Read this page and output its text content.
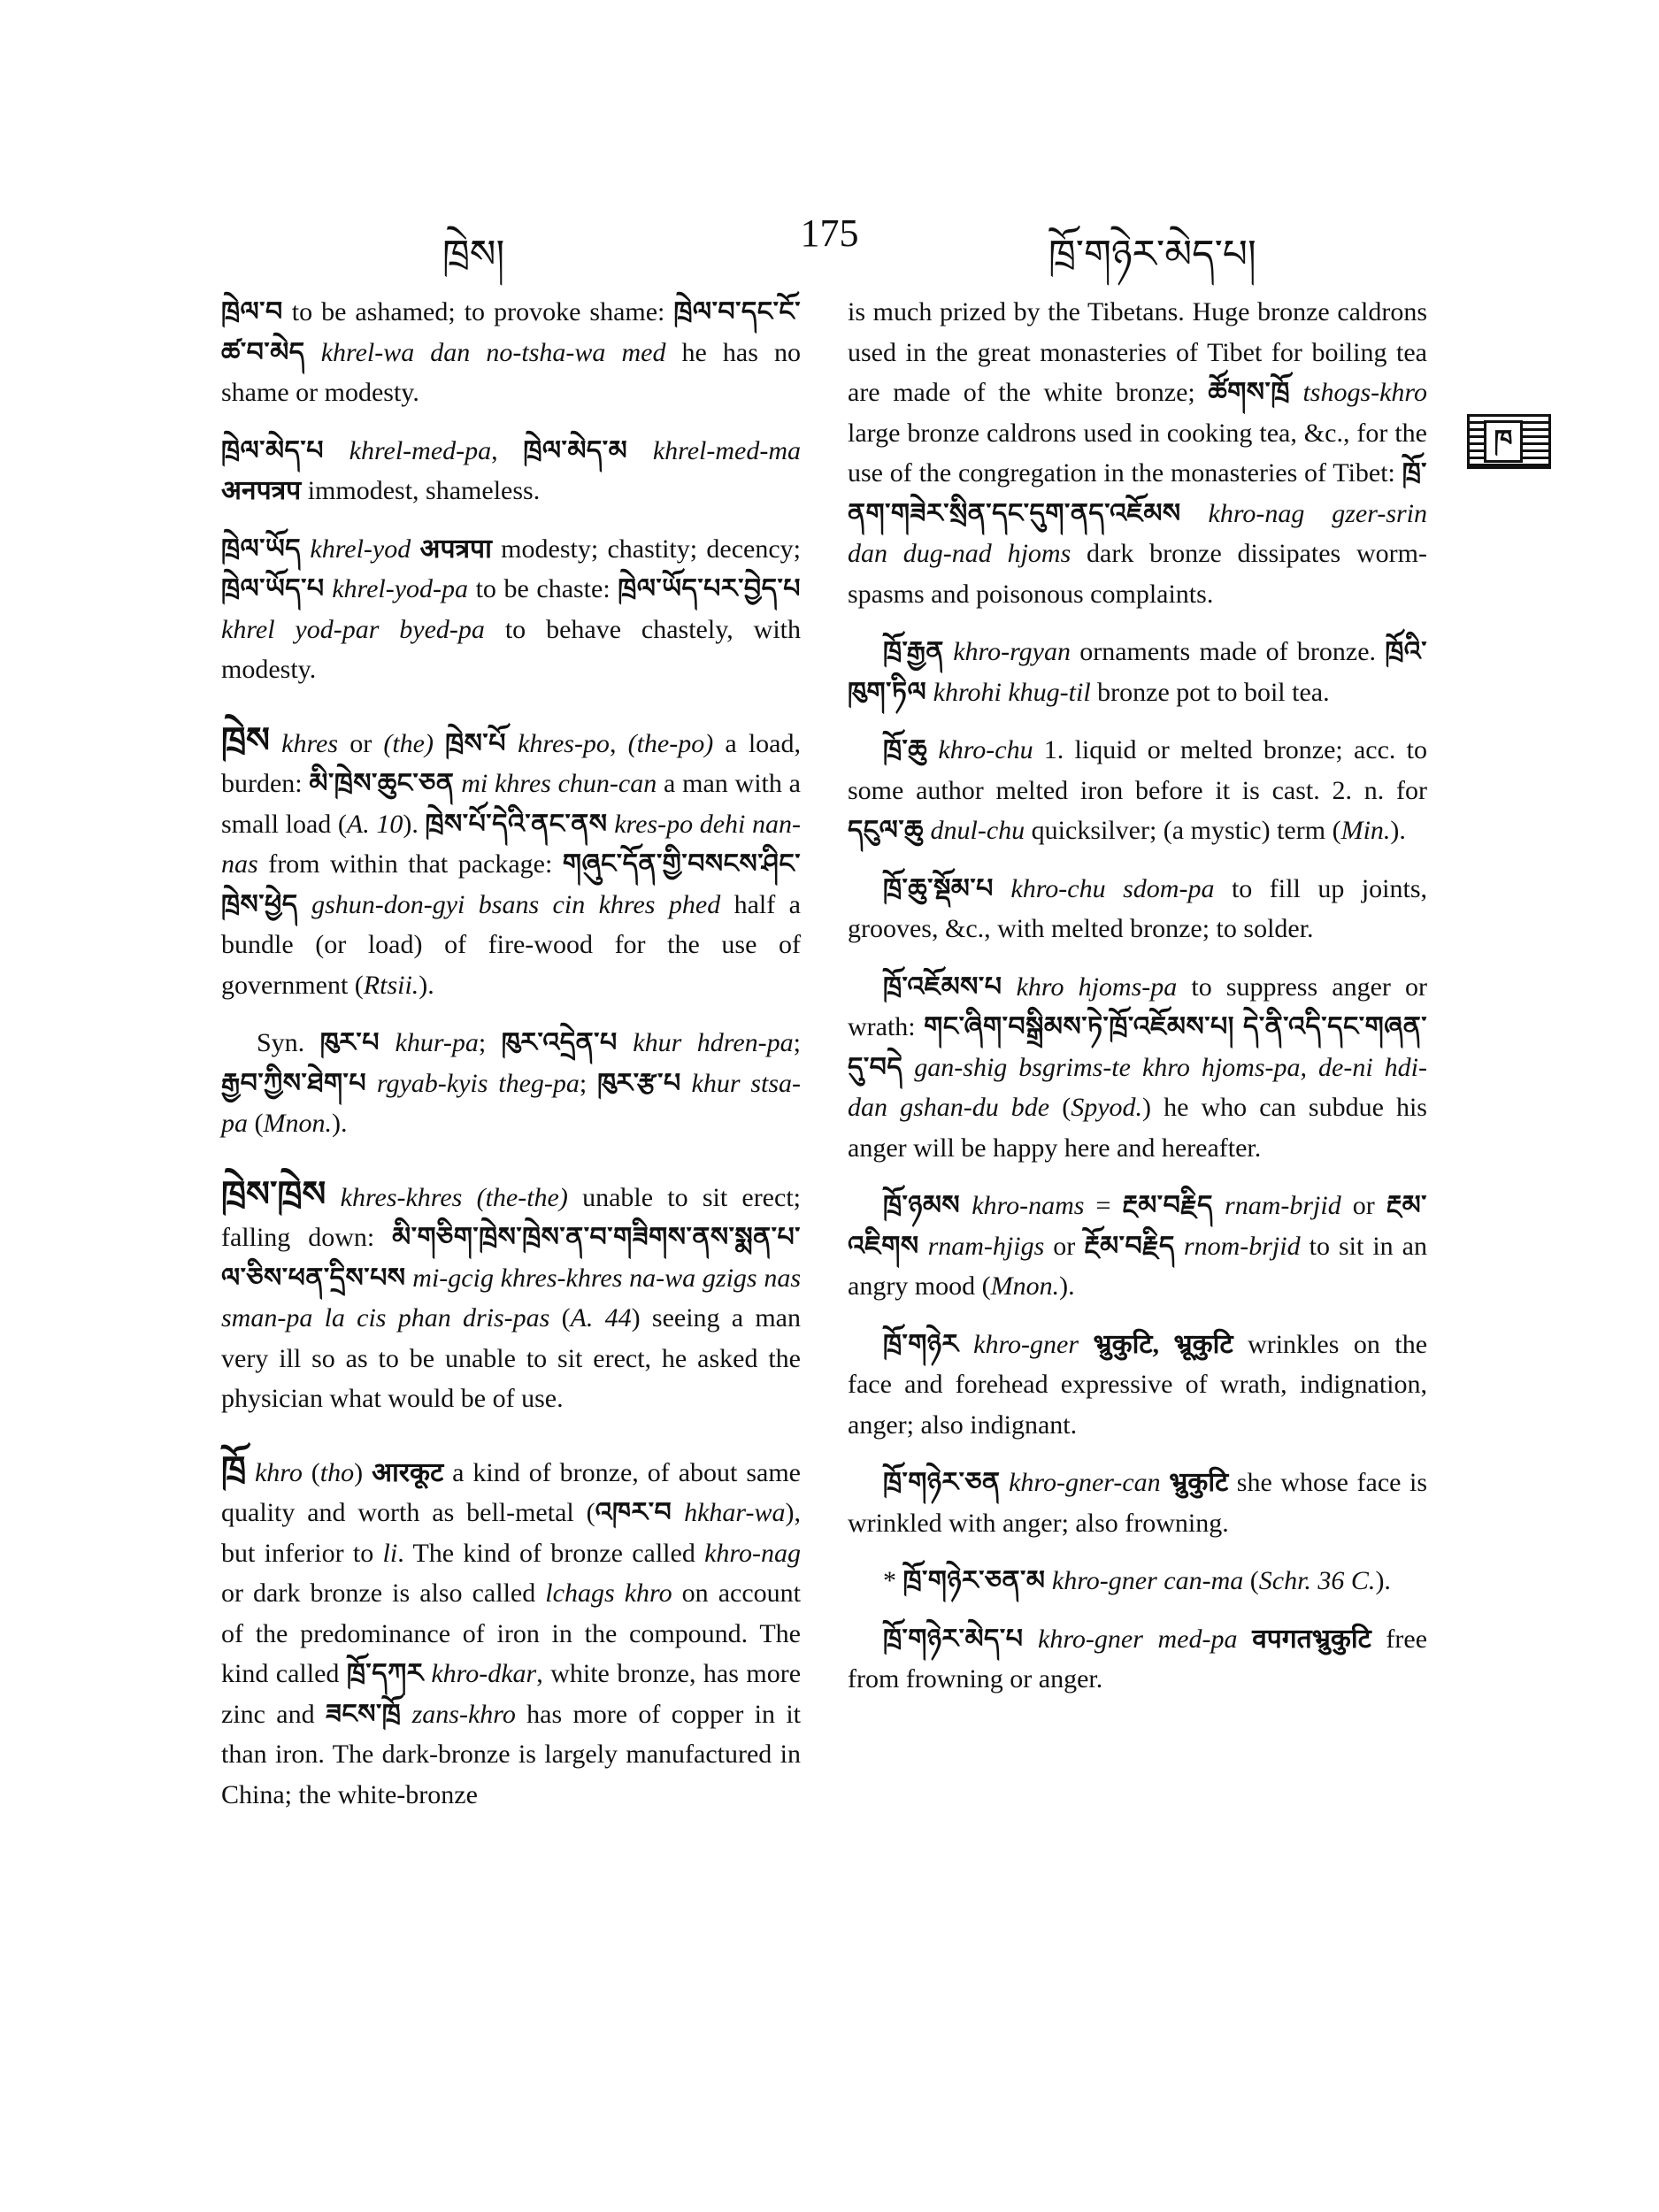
ཁྲེས།	175	ཁྲོ་གཉེར་མེད་པ།

ཁྲེལ་བ to be ashamed; to provoke shame: ཁྲེལ་བ་དང་ངོ་ཚ་བ་མེད khrel-wa dan no-tsha-wa med he has no shame or modesty.

ཁྲེལ་མེད་པ khrel-med-pa, ཁྲེལ་མེད་མ khrel-med-ma अनपत्रप immodest, shameless.

ཁྲེལ་ཡོད khrel-yod अपत्रपा modesty; chastity; decency; ཁྲེལ་ཡོད་པ khrel-yod-pa to be chaste: ཁྲེལ་ཡོད་པར་བྱེད་པ khrel yod-par byed-pa to behave chastely, with modesty.

ཁྲེས khres or (the) ཁྲེས་པོ khres-po, (the-po) a load, burden: མི་ཁྲེས་ཆུང་ཅན mi khres chun-can a man with a small load (A. 10). ཁྲེས་པོ་དེའི་ནང་ནས kres-po dehi nan-nas from within that package: གཞུང་དོན་གྱི་བསངས་ཤིང་ཁྲེས་ཕྱེད gshun-don-gyi bsans cin khres phed half a bundle (or load) of fire-wood for the use of government (Rtsii.).

Syn. ཁུར་པ khur-pa; ཁུར་འདྲེན་པ khur hdren-pa; རྒྱབ་ཀྱིས་ཐེག་པ rgyab-kyis theg-pa; ཁུར་རྩ་པ khur stsa-pa (Mnon.).

ཁྲེས་ཁྲེས khres-khres (the-the) unable to sit erect; falling down: མི་གཅིག་ཁྲེས་ཁྲེས་ན་བ་གཟིགས་ནས་སྨན་པ་ལ་ཅིས་ཕན་དྲིས་པས mi-gcig khres-khres na-wa gzigs nas sman-pa la cis phan dris-pas (A. 44) seeing a man very ill so as to be unable to sit erect, he asked the physician what would be of use.

ཁྲོ khro (tho) आरकूट a kind of bronze, of about same quality and worth as bell-metal (འཁར་བ hkhar-wa), but inferior to li. The kind of bronze called khro-nag or dark bronze is also called lchags khro on account of the predominance of iron in the compound. The kind called ཁྲོ་དཀར khro-dkar, white bronze, has more zinc and ཟངས་ཁྲོ zans-khro has more of copper in it than iron. The dark-bronze is largely manufactured in China; the white-bronze

is much prized by the Tibetans. Huge bronze caldrons used in the great monasteries of Tibet for boiling tea are made of the white bronze; ཚོགས་ཁྲོ tshogs-khro large bronze caldrons used in cooking tea, &c., for the use of the congregation in the monasteries of Tibet: ཁྲོ་ནག་གཟེར་སྲིན་དང་དུག་ནད་འཇོམས khro-nag gzer-srin dan dug-nad hjoms dark bronze dissipates worm-spasms and poisonous complaints.

ཁྲོ་རྒྱན khro-rgyan ornaments made of bronze. ཁྲོའི་ཁུག་ཏིལ khrohi khug-til bronze pot to boil tea.

ཁྲོ་ཆུ khro-chu 1. liquid or melted bronze; acc. to some author melted iron before it is cast. 2. n. for དངུལ་ཆུ dnul-chu quicksilver; (a mystic) term (Min.).

ཁྲོ་ཆུ་སྡོམ་པ khro-chu sdom-pa to fill up joints, grooves, &c., with melted bronze; to solder.

ཁྲོ་འཇོམས་པ khro hjoms-pa to suppress anger or wrath: གང་ཞིག་བསྒྲིམས་ཏེ་ཁྲོ་འཇོམས་པ། དེ་ནི་འདི་དང་གཞན་དུ་བདེ gan-shig bsgrims-te khro hjoms-pa, de-ni hdi-dan gshan-du bde (Spyod.) he who can subdue his anger will be happy here and hereafter.

ཁྲོ་ཉམས khro-nams = རྔམ་བརྗིད rnam-brjid or རྔམ་འཇིགས rnam-hjigs or རྔོམ་བརྗིད rnom-brjid to sit in an angry mood (Mnon.).

ཁྲོ་གཉེར khro-gner भ्रुकुटि, भ्रूकुटि wrinkles on the face and forehead expressive of wrath, indignation, anger; also indignant.

ཁྲོ་གཉེར་ཅན khro-gner-can भ्रुकुटि she whose face is wrinkled with anger; also frowning.

* ཁྲོ་གཉེར་ཅན་མ khro-gner can-ma (Schr. 36 C.).

ཁྲོ་གཉེར་མེད་པ khro-gner med-pa वपगतभ्रुकुटि free from frowning or anger.

ཁ
